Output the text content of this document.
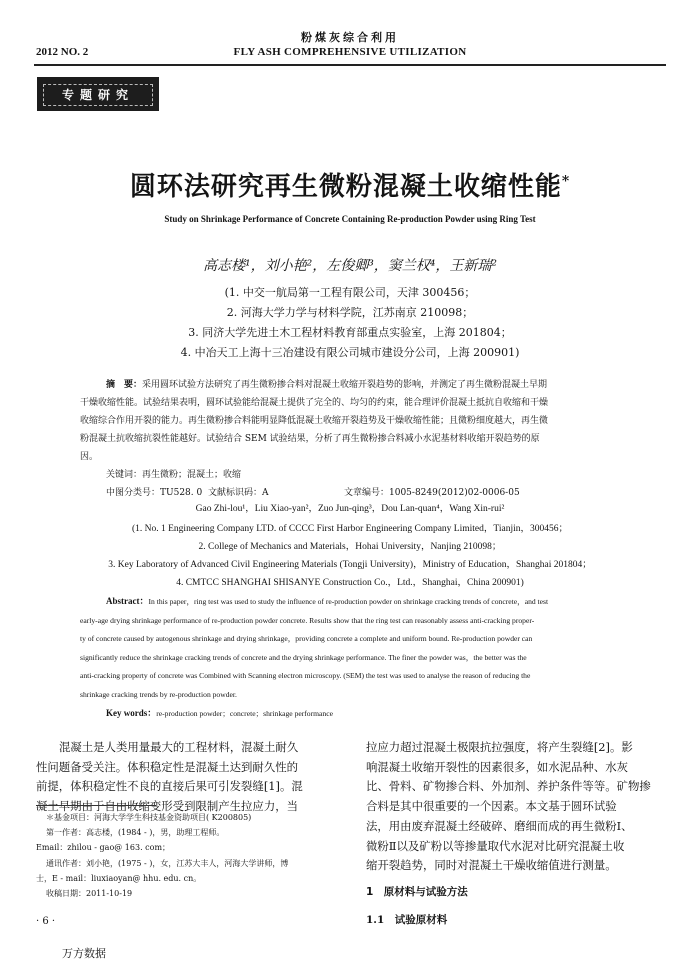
粉煤灰综合利用
2012 NO. 2	FLY ASH COMPREHENSIVE UTILIZATION
专题研究
圆环法研究再生微粉混凝土收缩性能*
Study on Shrinkage Performance of Concrete Containing Re-production Powder using Ring Test
高志楼¹，刘小艳²，左俊卿³，窦兰权⁴，王新瑞²
(1. 中交一航局第一工程有限公司，天津 300456；
2. 河海大学力学与材料学院，江苏南京 210098；
3. 同济大学先进土木工程材料教育部重点实验室，上海 201804；
4. 中冶天工上海十三冶建设有限公司城市建设分公司，上海 200901)
摘　要：采用圆环试验方法研究了再生微粉掺合料对混凝土收缩开裂趋势的影响，并测定了再生微粉混凝土早期
干燥收缩性能。试验结果表明，圆环试验能给混凝土提供了完全的、均匀的约束，能合理评价混凝土抵抗自收缩和干燥
收缩综合作用开裂的能力。再生微粉掺合料能明显降低混凝土收缩开裂趋势及干燥收缩性能；且微粉细度越大，再生微
粉混凝土抗收缩抗裂性能越好。试验结合 SEM 试验结果，分析了再生微粉掺合料减小水泥基材料收缩开裂趋势的原
因。
关键词：再生微粉；混凝土；收缩
中图分类号：TU528. 0 文献标识码：A	文章编号：1005-8249(2012)02-0006-05
Gao Zhi-lou¹，Liu Xiao-yan²，Zuo Jun-qing³，Dou Lan-quan⁴，Wang Xin-rui²
(1. No. 1 Engineering Company LTD. of CCCC First Harbor Engineering Company Limited，Tianjin，300456；
2. College of Mechanics and Materials，Hohai University，Nanjing 210098；
3. Key Laboratory of Advanced Civil Engineering Materials (Tongji University)，Ministry of Education，Shanghai 201804；
4. CMTCC SHANGHAI SHISANYE Construction Co.，Ltd.，Shanghai，China 200901)
Abstract：In this paper，ring test was used to study the influence of re-production powder on shrinkage cracking trends of concrete，and test
early-age drying shrinkage performance of re-production powder concrete. Results show that the ring test can reasonably assess anti-cracking proper-
ty of concrete caused by autogenous shrinkage and drying shrinkage，providing concrete a complete and uniform bound. Re-production powder can
significantly reduce the shrinkage cracking trends of concrete and the drying shrinkage performance. The finer the powder was，the better was the
anti-cracking property of concrete was Combined with Scanning electron microscopy. (SEM) the test was used to analyse the reason of reducing the
shrinkage cracking trends by re-production powder.
Key words：re-production powder；concrete；shrinkage performance
混凝土是人类用量最大的工程材料，混凝土耐久
性问题备受关注。体积稳定性是混凝土达到耐久性的
前提，体积稳定性不良的直接后果可引发裂缝[1]。混
凝土早期由于自由收缩变形受到限制产生拉应力，当
拉应力超过混凝土极限抗拉强度，将产生裂缝[2]。影
响混凝土收缩开裂性的因素很多，如水泥品种、水灰
比、骨料、矿物掺合料、外加剂、养护条件等等。矿物掺
合料是其中很重要的一个因素。本文基于圆环试验
法，用由废弃混凝土经破碎、磨细而成的再生微粉Ⅰ、
微粉Ⅱ以及矿粉以等掺量取代水泥对比研究混凝土收
缩开裂趋势，同时对混凝土干燥收缩值进行测量。
1　原材料与试验方法
1.1　试验原材料
＊基金项目：河海大学学生科技基金资助项目( K200805)
第一作者：高志楼，(1984 - )，男，助理工程师。
Email：zhilou - gao@ 163. com；
通讯作者：刘小艳，(1975 - )，女，江苏大丰人，河海大学讲师，博
士，E - mail：liuxiaoyan@ hhu. edu. cn。
收稿日期：2011-10-19
· 6 ·
万方数据
